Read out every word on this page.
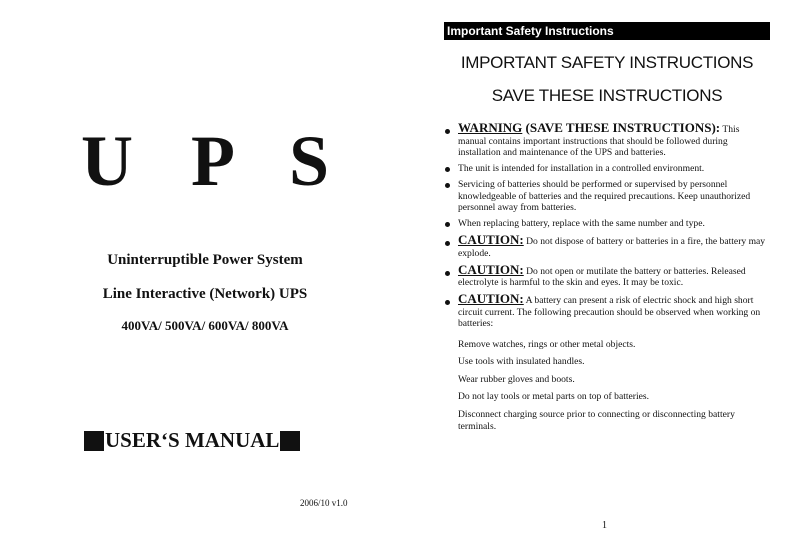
U P S
Uninterruptible Power System
Line Interactive (Network) UPS
400VA/ 500VA/ 600VA/ 800VA
USER‘S MANUAL
2006/10 v1.0
Important Safety Instructions
IMPORTANT SAFETY INSTRUCTIONS
SAVE THESE INSTRUCTIONS
WARNING (SAVE THESE INSTRUCTIONS): This manual contains important instructions that should be followed during installation and maintenance of the UPS and batteries.
The unit is intended for installation in a controlled environment.
Servicing of batteries should be performed or supervised by personnel knowledgeable of batteries and the required precautions. Keep unauthorized personnel away from batteries.
When replacing battery, replace with the same number and type.
CAUTION: Do not dispose of battery or batteries in a fire, the battery may explode.
CAUTION: Do not open or mutilate the battery or batteries. Released electrolyte is harmful to the skin and eyes. It may be toxic.
CAUTION: A battery can present a risk of electric shock and high short circuit current. The following precaution should be observed when working on batteries:
Remove watches, rings or other metal objects.
Use tools with insulated handles.
Wear rubber gloves and boots.
Do not lay tools or metal parts on top of batteries.
Disconnect charging source prior to connecting or disconnecting battery terminals.
1
